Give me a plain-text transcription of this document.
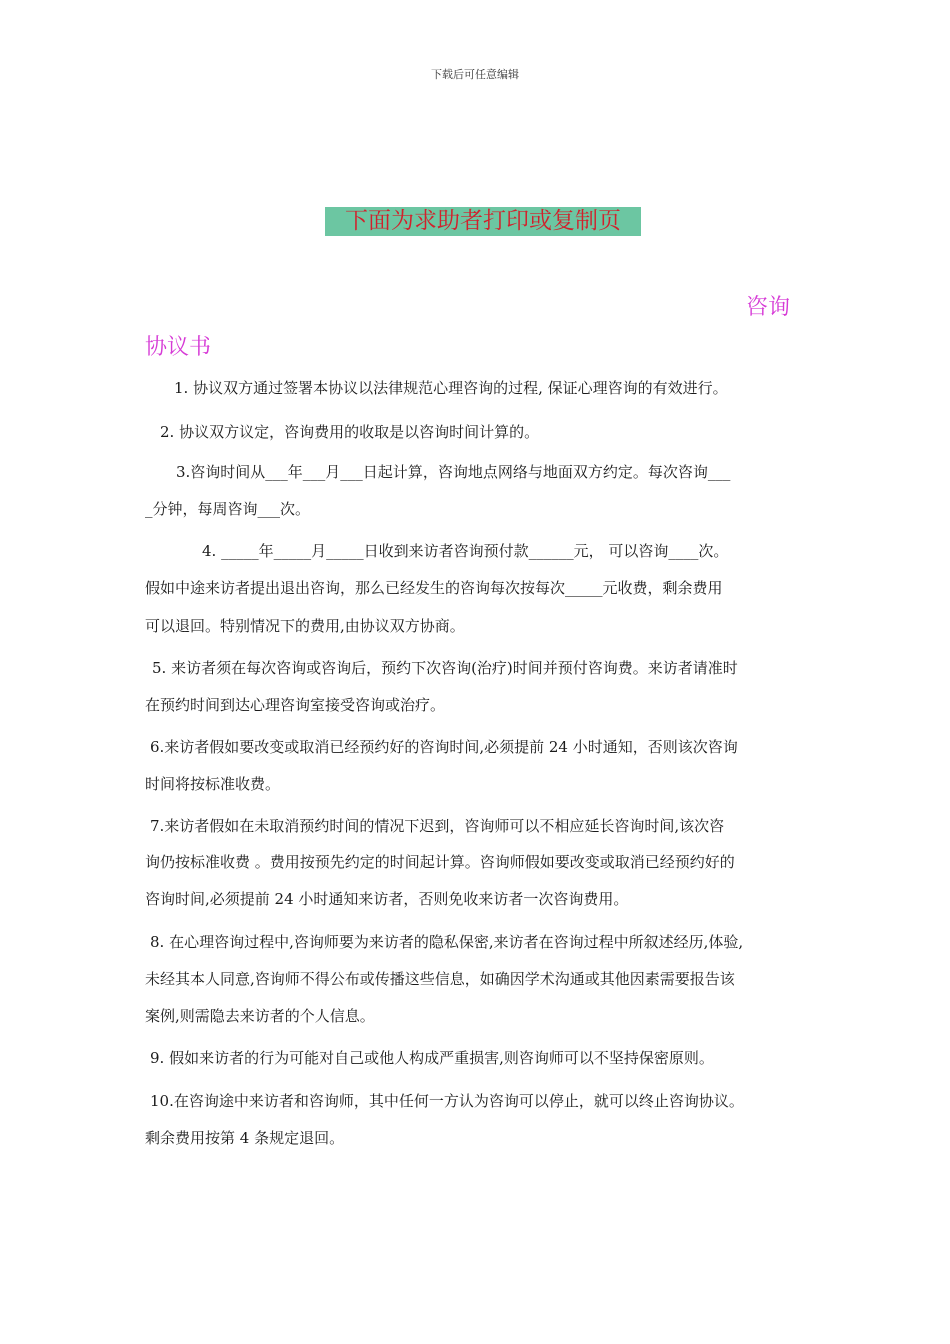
下载后可任意编辑
下面为求助者打印或复制页
咨询
协议书
1. 协议双方通过签署本协议以法律规范心理咨询的过程, 保证心理咨询的有效进行。
2. 协议双方议定，咨询费用的收取是以咨询时间计算的。
3.咨询时间从___年___月___日起计算，咨询地点网络与地面双方约定。每次咨询___
_分钟，每周咨询___次。
4. _____年_____月_____日收到来访者咨询预付款______元， 可以咨询____次。
假如中途来访者提出退出咨询，那么已经发生的咨询每次按每次_____元收费，剩余费用
可以退回。特别情况下的费用,由协议双方协商。
5. 来访者须在每次咨询或咨询后，预约下次咨询(治疗)时间并预付咨询费。来访者请准时
在预约时间到达心理咨询室接受咨询或治疗。
6.来访者假如要改变或取消已经预约好的咨询时间,必须提前 24 小时通知，否则该次咨询
时间将按标准收费。
7.来访者假如在未取消预约时间的情况下迟到，咨询师可以不相应延长咨询时间,该次咨
询仍按标准收费 。费用按预先约定的时间起计算。咨询师假如要改变或取消已经预约好的
咨询时间,必须提前 24 小时通知来访者，否则免收来访者一次咨询费用。
8. 在心理咨询过程中,咨询师要为来访者的隐私保密,来访者在咨询过程中所叙述经历,体验,
未经其本人同意,咨询师不得公布或传播这些信息，如确因学术沟通或其他因素需要报告该
案例,则需隐去来访者的个人信息。
9. 假如来访者的行为可能对自己或他人构成严重损害,则咨询师可以不坚持保密原则。
10.在咨询途中来访者和咨询师，其中任何一方认为咨询可以停止，就可以终止咨询协议。
剩余费用按第 4 条规定退回。
